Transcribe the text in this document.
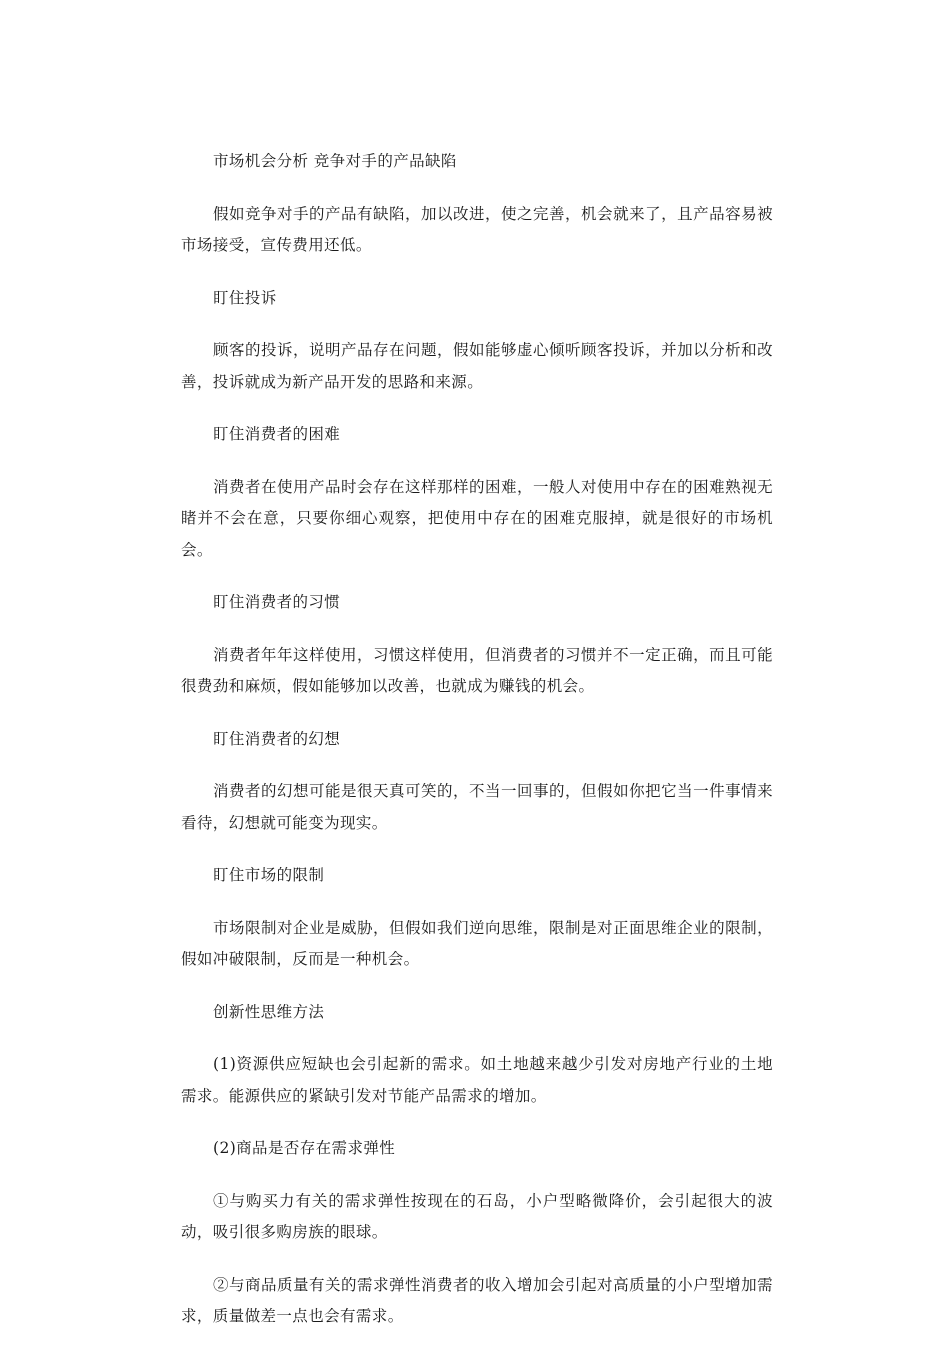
市场机会分析 竞争对手的产品缺陷

假如竞争对手的产品有缺陷，加以改进，使之完善，机会就来了，且产品容易被市场接受，宣传费用还低。

盯住投诉

顾客的投诉，说明产品存在问题，假如能够虚心倾听顾客投诉，并加以分析和改善，投诉就成为新产品开发的思路和来源。

盯住消费者的困难

消费者在使用产品时会存在这样那样的困难，一般人对使用中存在的困难熟视无睹并不会在意，只要你细心观察，把使用中存在的困难克服掉，就是很好的市场机会。

盯住消费者的习惯

消费者年年这样使用，习惯这样使用，但消费者的习惯并不一定正确，而且可能很费劲和麻烦，假如能够加以改善，也就成为赚钱的机会。

盯住消费者的幻想

消费者的幻想可能是很天真可笑的，不当一回事的，但假如你把它当一件事情来看待，幻想就可能变为现实。

盯住市场的限制

市场限制对企业是威胁，但假如我们逆向思维，限制是对正面思维企业的限制，假如冲破限制，反而是一种机会。

创新性思维方法

(1)资源供应短缺也会引起新的需求。如土地越来越少引发对房地产行业的土地需求。能源供应的紧缺引发对节能产品需求的增加。

(2)商品是否存在需求弹性

①与购买力有关的需求弹性按现在的石岛，小户型略微降价，会引起很大的波动，吸引很多购房族的眼球。

②与商品质量有关的需求弹性消费者的收入增加会引起对高质量的小户型增加需求，质量做差一点也会有需求。
